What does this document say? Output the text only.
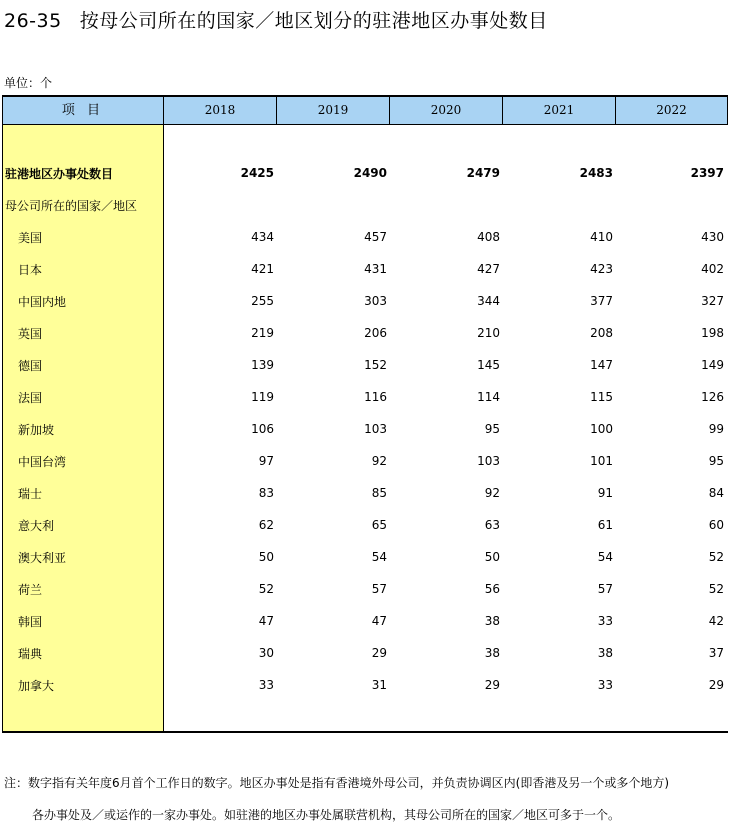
26-35 按母公司所在的国家／地区划分的驻港地区办事处数目
单位：个
项 目	2018	2019	2020	2021	2022
驻港地区办事处数目	2425	2490	2479	2483	2397
母公司所在的国家／地区
美国	434	457	408	410	430
日本	421	431	427	423	402
中国内地	255	303	344	377	327
英国	219	206	210	208	198
德国	139	152	145	147	149
法国	119	116	114	115	126
新加坡	106	103	95	100	99
中国台湾	97	92	103	101	95
瑞士	83	85	92	91	84
意大利	62	65	63	61	60
澳大利亚	50	54	50	54	52
荷兰	52	57	56	57	52
韩国	47	47	38	33	42
瑞典	30	29	38	38	37
加拿大	33	31	29	33	29
注：数字指有关年度6月首个工作日的数字。地区办事处是指有香港境外母公司，并负责协调区内(即香港及另一个或多个地方)
各办事处及／或运作的一家办事处。如驻港的地区办事处属联营机构，其母公司所在的国家／地区可多于一个。
